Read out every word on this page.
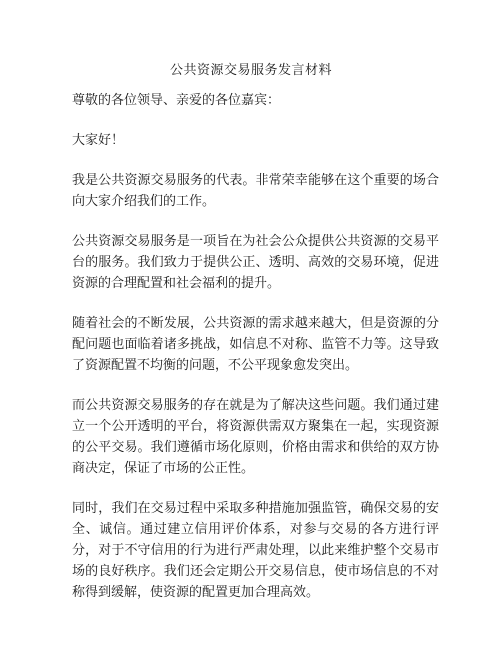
公共资源交易服务发言材料

尊敬的各位领导、亲爱的各位嘉宾：

大家好！

我是公共资源交易服务的代表。非常荣幸能够在这个重要的场合向大家介绍我们的工作。

公共资源交易服务是一项旨在为社会公众提供公共资源的交易平台的服务。我们致力于提供公正、透明、高效的交易环境，促进资源的合理配置和社会福利的提升。

随着社会的不断发展，公共资源的需求越来越大，但是资源的分配问题也面临着诸多挑战，如信息不对称、监管不力等。这导致了资源配置不均衡的问题，不公平现象愈发突出。

而公共资源交易服务的存在就是为了解决这些问题。我们通过建立一个公开透明的平台，将资源供需双方聚集在一起，实现资源的公平交易。我们遵循市场化原则，价格由需求和供给的双方协商决定，保证了市场的公正性。

同时，我们在交易过程中采取多种措施加强监管，确保交易的安全、诚信。通过建立信用评价体系，对参与交易的各方进行评分，对于不守信用的行为进行严肃处理，以此来维护整个交易市场的良好秩序。我们还会定期公开交易信息，使市场信息的不对称得到缓解，使资源的配置更加合理高效。
